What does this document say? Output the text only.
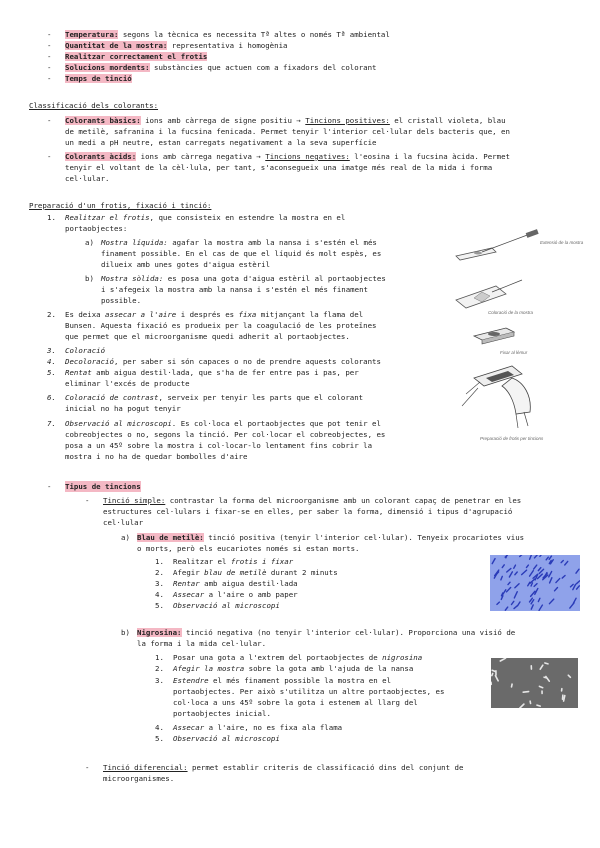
- Temperatura: segons la tècnica es necessita Tª altes o només Tª ambiental
- Quantitat de la mostra: representativa i homogènia
- Realitzar correctament el frotis
- Solucions mordents: substàncies que actuen com a fixadors del colorant
- Temps de tinció
Classificació dels colorants:
- Colorants bàsics: ions amb càrrega de signe positiu → Tincions positives: el cristall violeta, blau
de metilè, safranina i la fucsina fenicada. Permet tenyir l'interior cel·lular dels bacteris que, en
un medi a pH neutre, estan carregats negativament a la seva superfície
- Colorants àcids: ions amb càrrega negativa → Tincions negatives: l'eosina i la fucsina àcida. Permet
tenyir el voltant de la cèl·lula, per tant, s'aconsegueix una imatge més real de la mida i forma
cel·lular.
Preparació d'un frotis, fixació i tinció:
1. Realitzar el frotis, que consisteix en estendre la mostra en el
portaobjectes:
a) Mostra líquida: agafar la mostra amb la nansa i s'estén el més
finament possible. En el cas de que el líquid és molt espès, es
dilueix amb unes gotes d'aigua estèril
b) Mostra sòlida: es posa una gota d'aigua estèril al portaobjectes
i s'afegeix la mostra amb la nansa i s'estén el més finament
possible.
2. Es deixa assecar a l'aire i després es fixa mitjançant la flama del
Bunsen. Aquesta fixació es produeix per la coagulació de les proteïnes
que permet que el microorganisme quedi adherit al portaobjectes.
3. Coloració
4. Decoloració, per saber si són capaces o no de prendre aquests colorants
5. Rentat amb aigua destil·lada, que s'ha de fer entre pas i pas, per
eliminar l'excés de producte
6. Coloració de contrast, serveix per tenyir les parts que el colorant
inicial no ha pogut tenyir
7. Observació al microscopi. Es col·loca el portaobjectes que pot tenir el
cobreobjectes o no, segons la tinció. Per col·locar el cobreobjectes, es
posa a un 45º sobre la mostra i col·locar-lo lentament fins cobrir la
mostra i no ha de quedar bombolles d'aire
Extensió de la mostra
Coloració de la mostra
Fixar al lèmur
Preparació de frotis per tincions
- Tipus de tincions
- Tinció simple: contrastar la forma del microorganisme amb un colorant capaç de penetrar en les
estructures cel·lulars i fixar-se en elles, per saber la forma, dimensió i tipus d'agrupació
cel·lular
a) Blau de metilè: tinció positiva (tenyir l'interior cel·lular). Tenyeix procariotes vius
o morts, però els eucariotes només si estan morts.
1. Realitzar el frotis i fixar
2. Afegir blau de metilè durant 2 minuts
3. Rentar amb aigua destil·lada
4. Assecar a l'aire o amb paper
5. Observació al microscopi
b) Nigrosina: tinció negativa (no tenyir l'interior cel·lular). Proporciona una visió de
la forma i la mida cel·lular.
1. Posar una gota a l'extrem del portaobjectes de nigrosina
2. Afegir la mostra sobre la gota amb l'ajuda de la nansa
3. Estendre el més finament possible la mostra en el
portaobjectes. Per això s'utilitza un altre portaobjectes, es
col·loca a uns 45º sobre la gota i estenem al llarg del
portaobjectes inicial.
4. Assecar a l'aire, no es fixa ala flama
5. Observació al microscopi
- Tinció diferencial: permet establir criteris de classificació dins del conjunt de
microorganismes.
